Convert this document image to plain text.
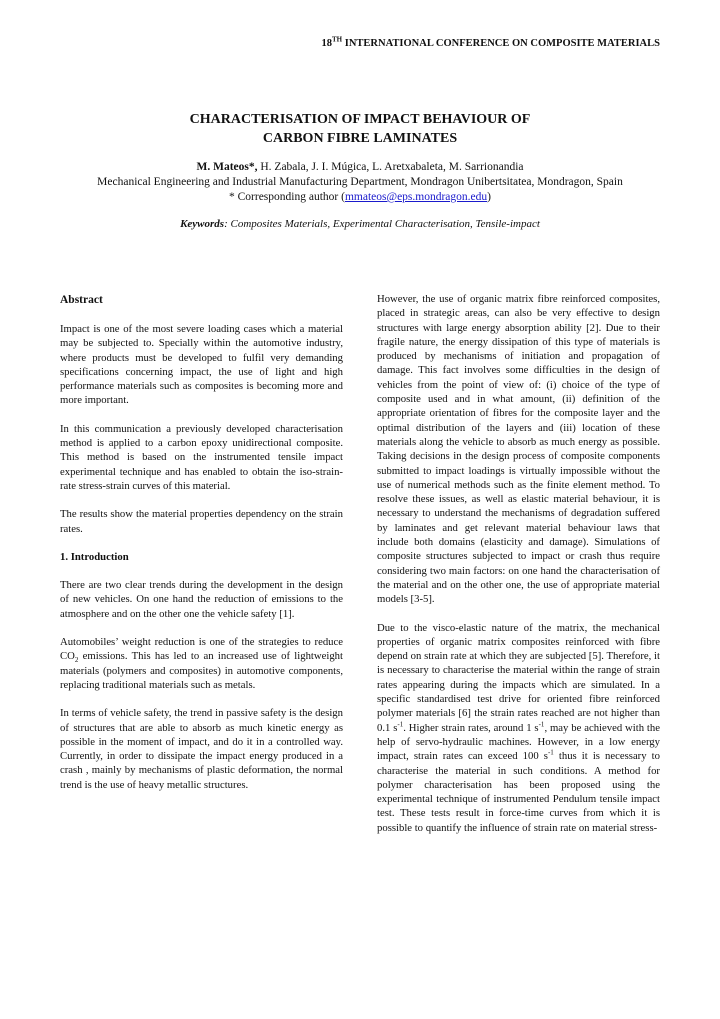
18TH INTERNATIONAL CONFERENCE ON COMPOSITE MATERIALS
CHARACTERISATION OF IMPACT BEHAVIOUR OF
CARBON FIBRE LAMINATES
M. Mateos*, H. Zabala, J. I. Múgica, L. Aretxabaleta, M. Sarrionandia
Mechanical Engineering and Industrial Manufacturing Department, Mondragon Unibertsitatea, Mondragon, Spain
* Corresponding author (mmateos@eps.mondragon.edu)
Keywords: Composites Materials, Experimental Characterisation, Tensile-impact
Abstract

Impact is one of the most severe loading cases which a material may be subjected to. Specially within the automotive industry, where products must be developed to fulfil very demanding specifications concerning impact, the use of light and high performance materials such as composites is becoming more and more important.

In this communication a previously developed characterisation method is applied to a carbon epoxy unidirectional composite. This method is based on the instrumented tensile impact experimental technique and has enabled to obtain the iso-strain-rate stress-strain curves of this material.

The results show the material properties dependency on the strain rates.

1. Introduction

There are two clear trends during the development in the design of new vehicles. On one hand the reduction of emissions to the atmosphere and on the other one the vehicle safety [1].

Automobiles’ weight reduction is one of the strategies to reduce $CO_2$ emissions. This has led to an increased use of lightweight materials (polymers and composites) in automotive components, replacing traditional materials such as metals.

In terms of vehicle safety, the trend in passive safety is the design of structures that are able to absorb as much kinetic energy as possible in the moment of impact, and do it in a controlled way. Currently, in order to dissipate the impact energy produced in a crash , mainly by mechanisms of plastic deformation, the normal trend is the use of heavy metallic structures.

However, the use of organic matrix fibre reinforced composites, placed in strategic areas, can also be very effective to design structures with large energy absorption ability [2]. Due to their fragile nature, the energy dissipation of this type of materials is produced by mechanisms of initiation and propagation of damage. This fact involves some difficulties in the design of vehicles from the point of view of: (i) choice of the type of composite used and in what amount, (ii) definition of the appropriate orientation of fibres for the composite layer and the optimal distribution of the layers and (iii) location of these materials along the vehicle to absorb as much energy as possible. Taking decisions in the design process of composite components submitted to impact loadings is virtually impossible without the use of numerical methods such as the finite element method. To resolve these issues, as well as elastic material behaviour, it is necessary to understand the mechanisms of degradation suffered by laminates and get relevant material behaviour laws that include both domains (elasticity and damage). Simulations of composite structures subjected to impact or crash thus require considering two main factors: on one hand the characterisation of the material and on the other one, the use of appropriate material models [3-5].

Due to the visco-elastic nature of the matrix, the mechanical properties of organic matrix composites reinforced with fibre depend on strain rate at which they are subjected [5]. Therefore, it is necessary to characterise the material within the range of strain rates appearing during the impacts which are simulated. In a specific standardised test drive for oriented fibre reinforced polymer materials [6] the strain rates reached are not higher than 0.1 $s^{-1}$. Higher strain rates, around 1 $s^{-1}$, may be achieved with the help of servo-hydraulic machines. However, in a low energy impact, strain rates can exceed 100 $s^{-1}$ thus it is necessary to characterise the material in such conditions. A method for polymer characterisation has been proposed using the experimental technique of instrumented Pendulum tensile impact test. These tests result in force-time curves from which it is possible to quantify the influence of strain rate on material stress-
